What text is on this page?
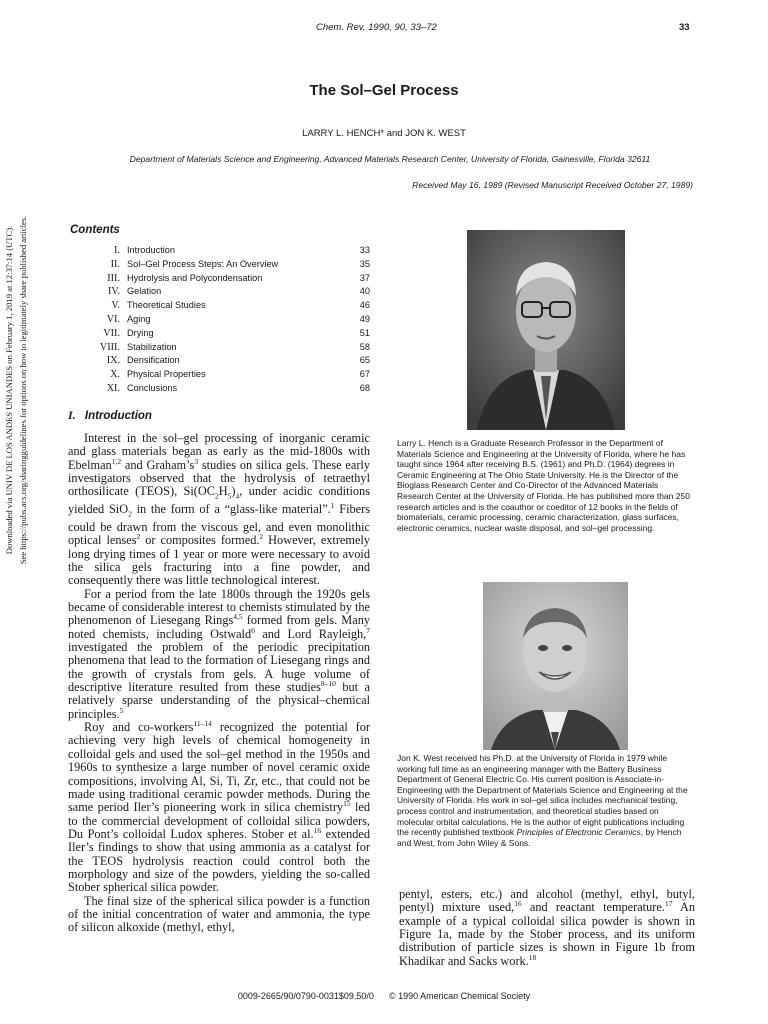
Chem. Rev. 1990, 90, 33–72	33
The Sol–Gel Process
LARRY L. HENCH* and JON K. WEST
Department of Materials Science and Engineering, Advanced Materials Research Center, University of Florida, Gainesville, Florida 32611
Received May 16, 1989 (Revised Manuscript Received October 27, 1989)
Contents
I. Introduction	33
II. Sol–Gel Process Steps: An Overview	35
III. Hydrolysis and Polycondensation	37
IV. Gelation	40
V. Theoretical Studies	46
VI. Aging	49
VII. Drying	51
VIII. Stabilization	58
IX. Densification	65
X. Physical Properties	67
XI. Conclusions	68
I. Introduction

Interest in the sol–gel processing of inorganic ceramic and glass materials began as early as the mid-1800s with Ebelman$^{1,2}$ and $Graham’s^3$ studies on silica gels. These early investigators observed that the hydrolysis of tetraethyl orthosilicate (TEOS), $Si(OC_2H_5)_4$, under acidic conditions yielded SiO$_2$ in the form of a “glass-like material”.$^1$ Fibers could be drawn from the viscous gel, and even monolithic optical lenses$^2$ or composites formed.$^2$ However, extremely long drying times of 1 year or more were necessary to avoid the silica gels fracturing into a fine powder, and consequently there was little technological interest.

For a period from the late 1800s through the 1920s gels became of considerable interest to chemists stimulated by the phenomenon of Liesegang Rings$^{4,5}$ formed from gels. Many noted chemists, including Ostwald$^6$ and Lord Rayleigh,$^7$ investigated the problem of the periodic precipitation phenomena that lead to the formation of Liesegang rings and the growth of crystals from gels. A huge volume of descriptive literature resulted from these studies$^{8-10}$ but a relatively sparse understanding of the physical–chemical principles.$^5$

Roy and co-workers$^{11-14}$ recognized the potential for achieving very high levels of chemical homogeneity in colloidal gels and used the sol–gel method in the 1950s and 1960s to synthesize a large number of novel ceramic oxide compositions, involving Al, Si, Ti, Zr, etc., that could not be made using traditional ceramic powder methods. During the same period Iler’s pioneering work in silica chemistry$^{15}$ led to the commercial development of colloidal silica powders, Du Pont’s colloidal Ludox spheres. Stober et al.$^{16}$ extended Iler’s findings to show that using ammonia as a catalyst for the TEOS hydrolysis reaction could control both the morphology and size of the powders, yielding the so-called Stober spherical silica powder.

The final size of the spherical silica powder is a function of the initial concentration of water and ammonia, the type of silicon alkoxide (methyl, ethyl,

Larry L. Hench is a Graduate Research Professor in the Department of Materials Science and Engineering at the University of Florida, where he has taught since 1964 after receiving B.S. (1961) and Ph.D. (1964) degrees in Ceramic Engineering at The Ohio State University. He is the Director of the Bioglass Research Center and Co-Director of the Advanced Materials Research Center at the University of Florida. He has published more than 250 research articles and is the coauthor or coeditor of 12 books in the fields of biomaterials, ceramic processing, ceramic characterization, glass surfaces, electronic ceramics, nuclear waste disposal, and sol–gel processing.
Jon K. West received his Ph.D. at the University of Florida in 1979 while working full time as an engineering manager with the Battery Business Department of General Electric Co. His current position is Associate-in-Engineering with the Department of Materials Science and Engineering at the University of Florida. His work in sol–gel silica includes mechanical testing, process control and instrumentation, and theoretical studies based on molecular orbital calculations. He is the author of eight publications including the recently published textbook Principles of Electronic Ceramics, by Hench and West, from John Wiley & Sons.

pentyl, esters, etc.) and alcohol (methyl, ethyl, butyl, pentyl) mixture used,$^{16}$ and reactant temperature.$^{17}$ An example of a typical colloidal silica powder is shown in Figure 1a, made by the Stober process, and its uniform distribution of particle sizes is shown in Figure 1b from Khadikar and Sacks work.$^{18}$

Downloaded via UNIV DE LOS ANDES UNIANDES on February 1, 2019 at 12:37:14 (UTC). See https://pubs.acs.org/sharingguidelines for options on how to legitimately share published articles.
0009-2665/90/0790-0031$09.50/0 © 1990 American Chemical Society
